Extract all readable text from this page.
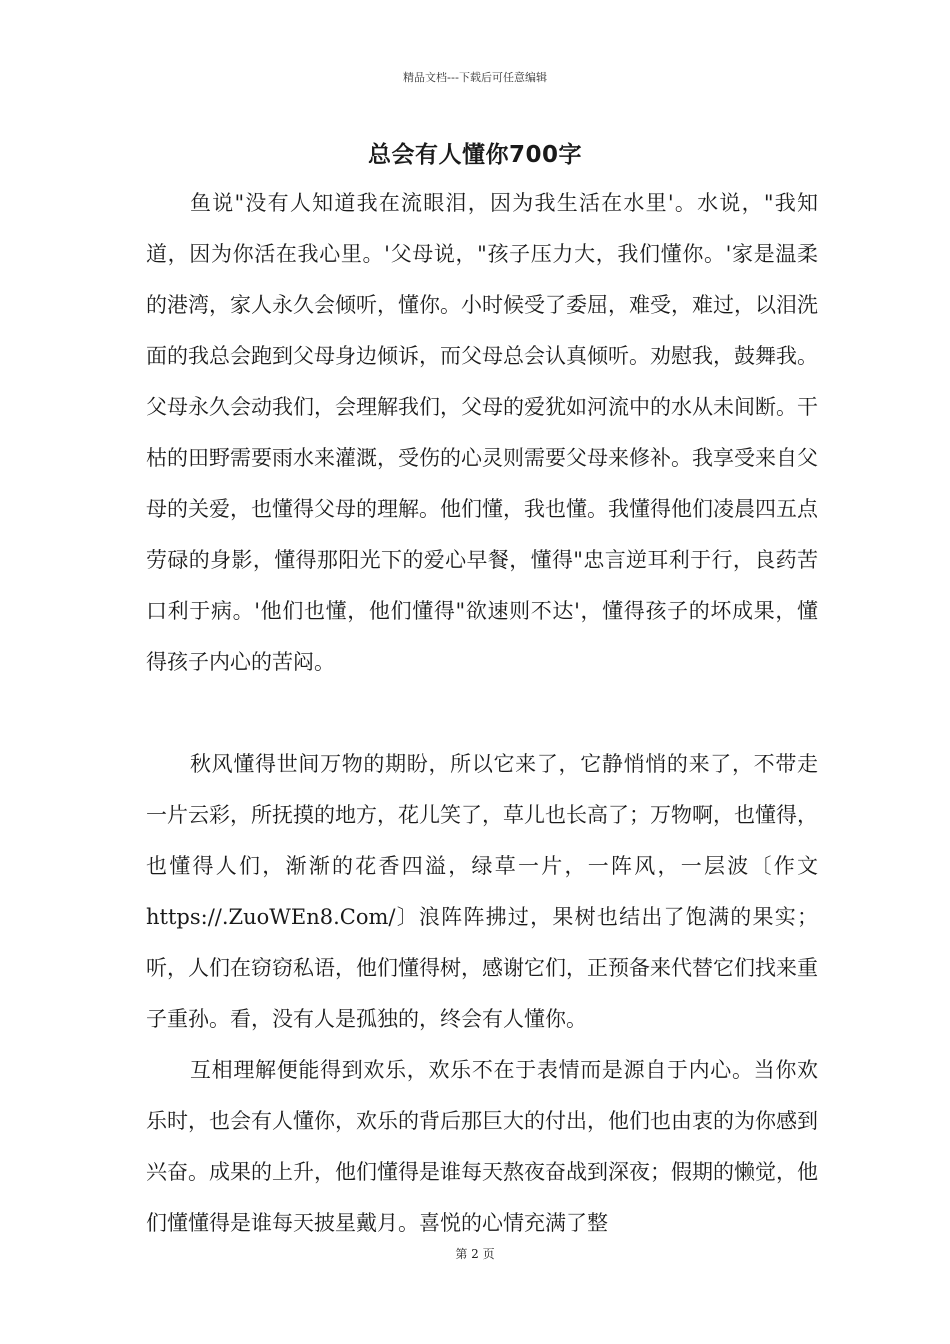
精品文档---下载后可任意编辑
总会有人懂你700字

鱼说"没有人知道我在流眼泪，因为我生活在水里'。水说，"我知道，因为你活在我心里。'父母说，"孩子压力大，我们懂你。'家是温柔的港湾，家人永久会倾听，懂你。小时候受了委屈，难受，难过，以泪洗面的我总会跑到父母身边倾诉，而父母总会认真倾听。劝慰我，鼓舞我。父母永久会动我们，会理解我们，父母的爱犹如河流中的水从未间断。干枯的田野需要雨水来灌溉，受伤的心灵则需要父母来修补。我享受来自父母的关爱，也懂得父母的理解。他们懂，我也懂。我懂得他们凌晨四五点劳碌的身影，懂得那阳光下的爱心早餐，懂得"忠言逆耳利于行，良药苦口利于病。'他们也懂，他们懂得"欲速则不达'，懂得孩子的坏成果，懂得孩子内心的苦闷。

秋风懂得世间万物的期盼，所以它来了，它静悄悄的来了，不带走一片云彩，所抚摸的地方，花儿笑了，草儿也长高了；万物啊，也懂得，也懂得人们，渐渐的花香四溢，绿草一片，一阵风，一层波〔作文https://.ZuoWEn8.Com/〕浪阵阵拂过，果树也结出了饱满的果实；听，人们在窃窃私语，他们懂得树，感谢它们，正预备来代替它们找来重子重孙。看，没有人是孤独的，终会有人懂你。

互相理解便能得到欢乐，欢乐不在于表情而是源自于内心。当你欢乐时，也会有人懂你，欢乐的背后那巨大的付出，他们也由衷的为你感到兴奋。成果的上升，他们懂得是谁每天熬夜奋战到深夜；假期的懒觉，他们懂懂得是谁每天披星戴月。喜悦的心情充满了整

第 2 页
